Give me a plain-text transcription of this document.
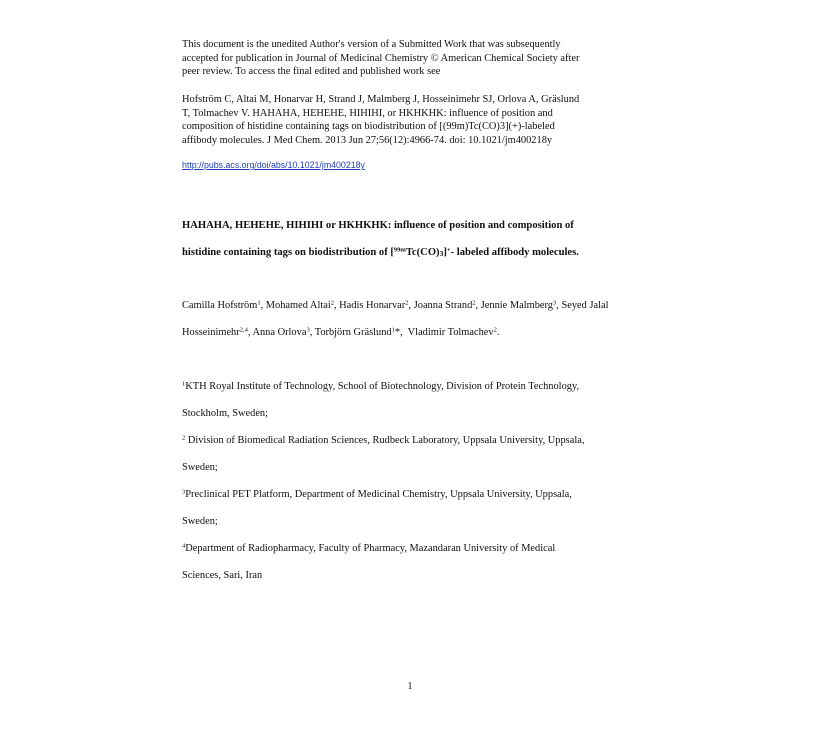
This document is the unedited Author's version of a Submitted Work that was subsequently
accepted for publication in Journal of Medicinal Chemistry © American Chemical Society after
peer review. To access the final edited and published work see
Hofström C, Altai M, Honarvar H, Strand J, Malmberg J, Hosseinimehr SJ, Orlova A, Gräslund
T, Tolmachev V. HAHAHA, HEHEHE, HIHIHI, or HKHKHK: influence of position and
composition of histidine containing tags on biodistribution of [(99m)Tc(CO)3](+)-labeled
affibody molecules. J Med Chem. 2013 Jun 27;56(12):4966-74. doi: 10.1021/jm400218y
http://pubs.acs.org/doi/abs/10.1021/jm400218y
HAHAHA, HEHEHE, HIHIHI or HKHKHK: influence of position and composition of
histidine containing tags on biodistribution of [$^{99m}$Tc(CO)3]+- labeled affibody molecules.
Camilla Hofström$^1$, Mohamed Altai$^2$, Hadis Honarvar$^2$, Joanna Strand$^2$, Jennie Malmberg$^3$, Seyed Jalal Hosseinimehr$^{2,4}$, Anna Orlova$^3$, Torbjörn Gräslund$^1$*,  Vladimir Tolmachev$^2$.
$^1$KTH Royal Institute of Technology, School of Biotechnology, Division of Protein Technology,
Stockholm, Sweden;
$^2$ Division of Biomedical Radiation Sciences, Rudbeck Laboratory, Uppsala University, Uppsala,
Sweden;
$^3$Preclinical PET Platform, Department of Medicinal Chemistry, Uppsala University, Uppsala,
Sweden;
$^4$Department of Radiopharmacy, Faculty of Pharmacy, Mazandaran University of Medical
Sciences, Sari, Iran
1
